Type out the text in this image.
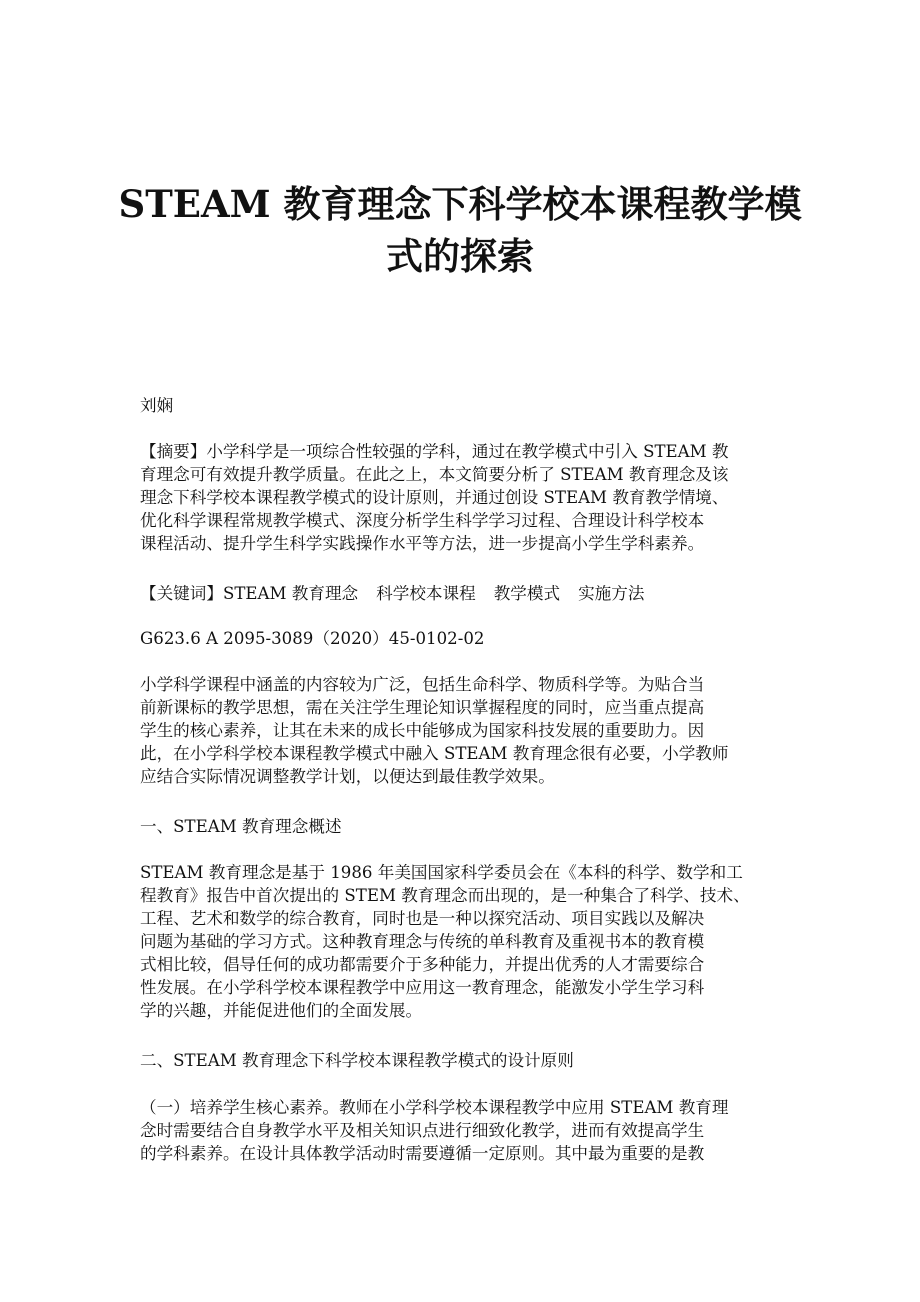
STEAM 教育理念下科学校本课程教学模
式的探索

刘娴

【摘要】小学科学是一项综合性较强的学科，通过在教学模式中引入 STEAM 教
育理念可有效提升教学质量。在此之上，本文简要分析了 STEAM 教育理念及该
理念下科学校本课程教学模式的设计原则，并通过创设 STEAM 教育教学情境、
优化科学课程常规教学模式、深度分析学生科学学习过程、合理设计科学校本
课程活动、提升学生科学实践操作水平等方法，进一步提高小学生学科素养。

【关键词】STEAM 教育理念 科学校本课程 教学模式 实施方法

G623.6 A 2095-3089（2020）45-0102-02

小学科学课程中涵盖的内容较为广泛，包括生命科学、物质科学等。为贴合当
前新课标的教学思想，需在关注学生理论知识掌握程度的同时，应当重点提高
学生的核心素养，让其在未来的成长中能够成为国家科技发展的重要助力。因
此，在小学科学校本课程教学模式中融入 STEAM 教育理念很有必要，小学教师
应结合实际情况调整教学计划，以便达到最佳教学效果。

一、STEAM 教育理念概述

STEAM 教育理念是基于 1986 年美国国家科学委员会在《本科的科学、数学和工
程教育》报告中首次提出的 STEM 教育理念而出现的，是一种集合了科学、技术、
工程、艺术和数学的综合教育，同时也是一种以探究活动、项目实践以及解决
问题为基础的学习方式。这种教育理念与传统的单科教育及重视书本的教育模
式相比较，倡导任何的成功都需要介于多种能力，并提出优秀的人才需要综合
性发展。在小学科学校本课程教学中应用这一教育理念，能激发小学生学习科
学的兴趣，并能促进他们的全面发展。

二、STEAM 教育理念下科学校本课程教学模式的设计原则

（一）培养学生核心素养。教师在小学科学校本课程教学中应用 STEAM 教育理
念时需要结合自身教学水平及相关知识点进行细致化教学，进而有效提高学生
的学科素养。在设计具体教学活动时需要遵循一定原则。其中最为重要的是教
